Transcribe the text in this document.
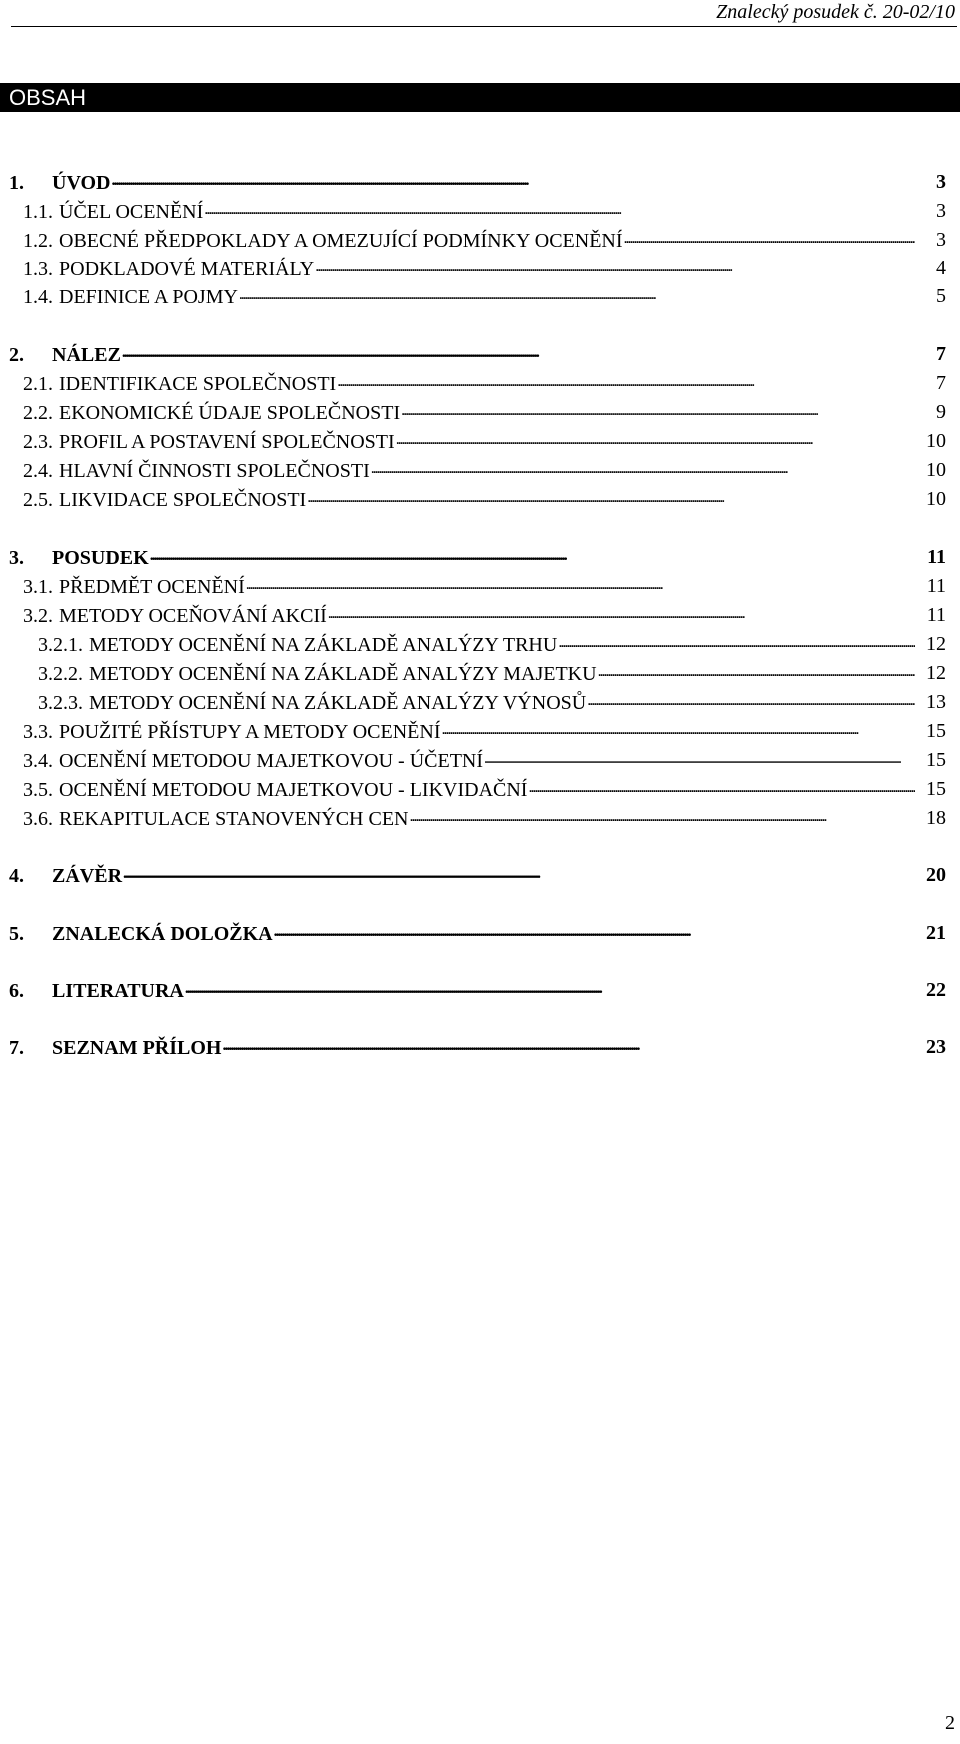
Znalecký posudek č. 20-02/10
OBSAH
1.	ÚVOD . . .	3
1.1. ÚČEL OCENĚNÍ . . .	3
1.2. OBECNÉ PŘEDPOKLADY A OMEZUJÍCÍ PODMÍNKY OCENĚNÍ . . .	3
1.3. PODKLADOVÉ MATERIÁLY . . .	4
1.4. DEFINICE A POJMY . . .	5
2.	NÁLEZ . . .	7
2.1. IDENTIFIKACE SPOLEČNOSTI . . .	7
2.2. EKONOMICKÉ ÚDAJE SPOLEČNOSTI . . .	9
2.3. PROFIL A POSTAVENÍ SPOLEČNOSTI . . .	10
2.4. HLAVNÍ ČINNOSTI SPOLEČNOSTI . . .	10
2.5. LIKVIDACE SPOLEČNOSTI . . .	10
3.	POSUDEK . . .	11
3.1. PŘEDMĚT OCENĚNÍ . . .	11
3.2. METODY OCEŇOVÁNÍ AKCIÍ . . .	11
3.2.1. METODY OCENĚNÍ NA ZÁKLADĚ ANALÝZY TRHU . . .	12
3.2.2. METODY OCENĚNÍ NA ZÁKLADĚ ANALÝZY MAJETKU . . .	12
3.2.3. METODY OCENĚNÍ NA ZÁKLADĚ ANALÝZY VÝNOSŮ . . .	13
3.3. POUŽITÉ PŘÍSTUPY A METODY OCENĚNÍ . . .	15
3.4. OCENĚNÍ METODOU MAJETKOVOU - ÚČETNÍ . . .	15
3.5. OCENĚNÍ METODOU MAJETKOVOU - LIKVIDAČNÍ . . .	15
3.6. REKAPITULACE STANOVENÝCH CEN . . .	18
4.	ZÁVĚR . . .	20
5.	ZNALECKÁ DOLOŽKA . . .	21
6.	LITERATURA . . .	22
7.	SEZNAM PŘÍLOH . . .	23
2
